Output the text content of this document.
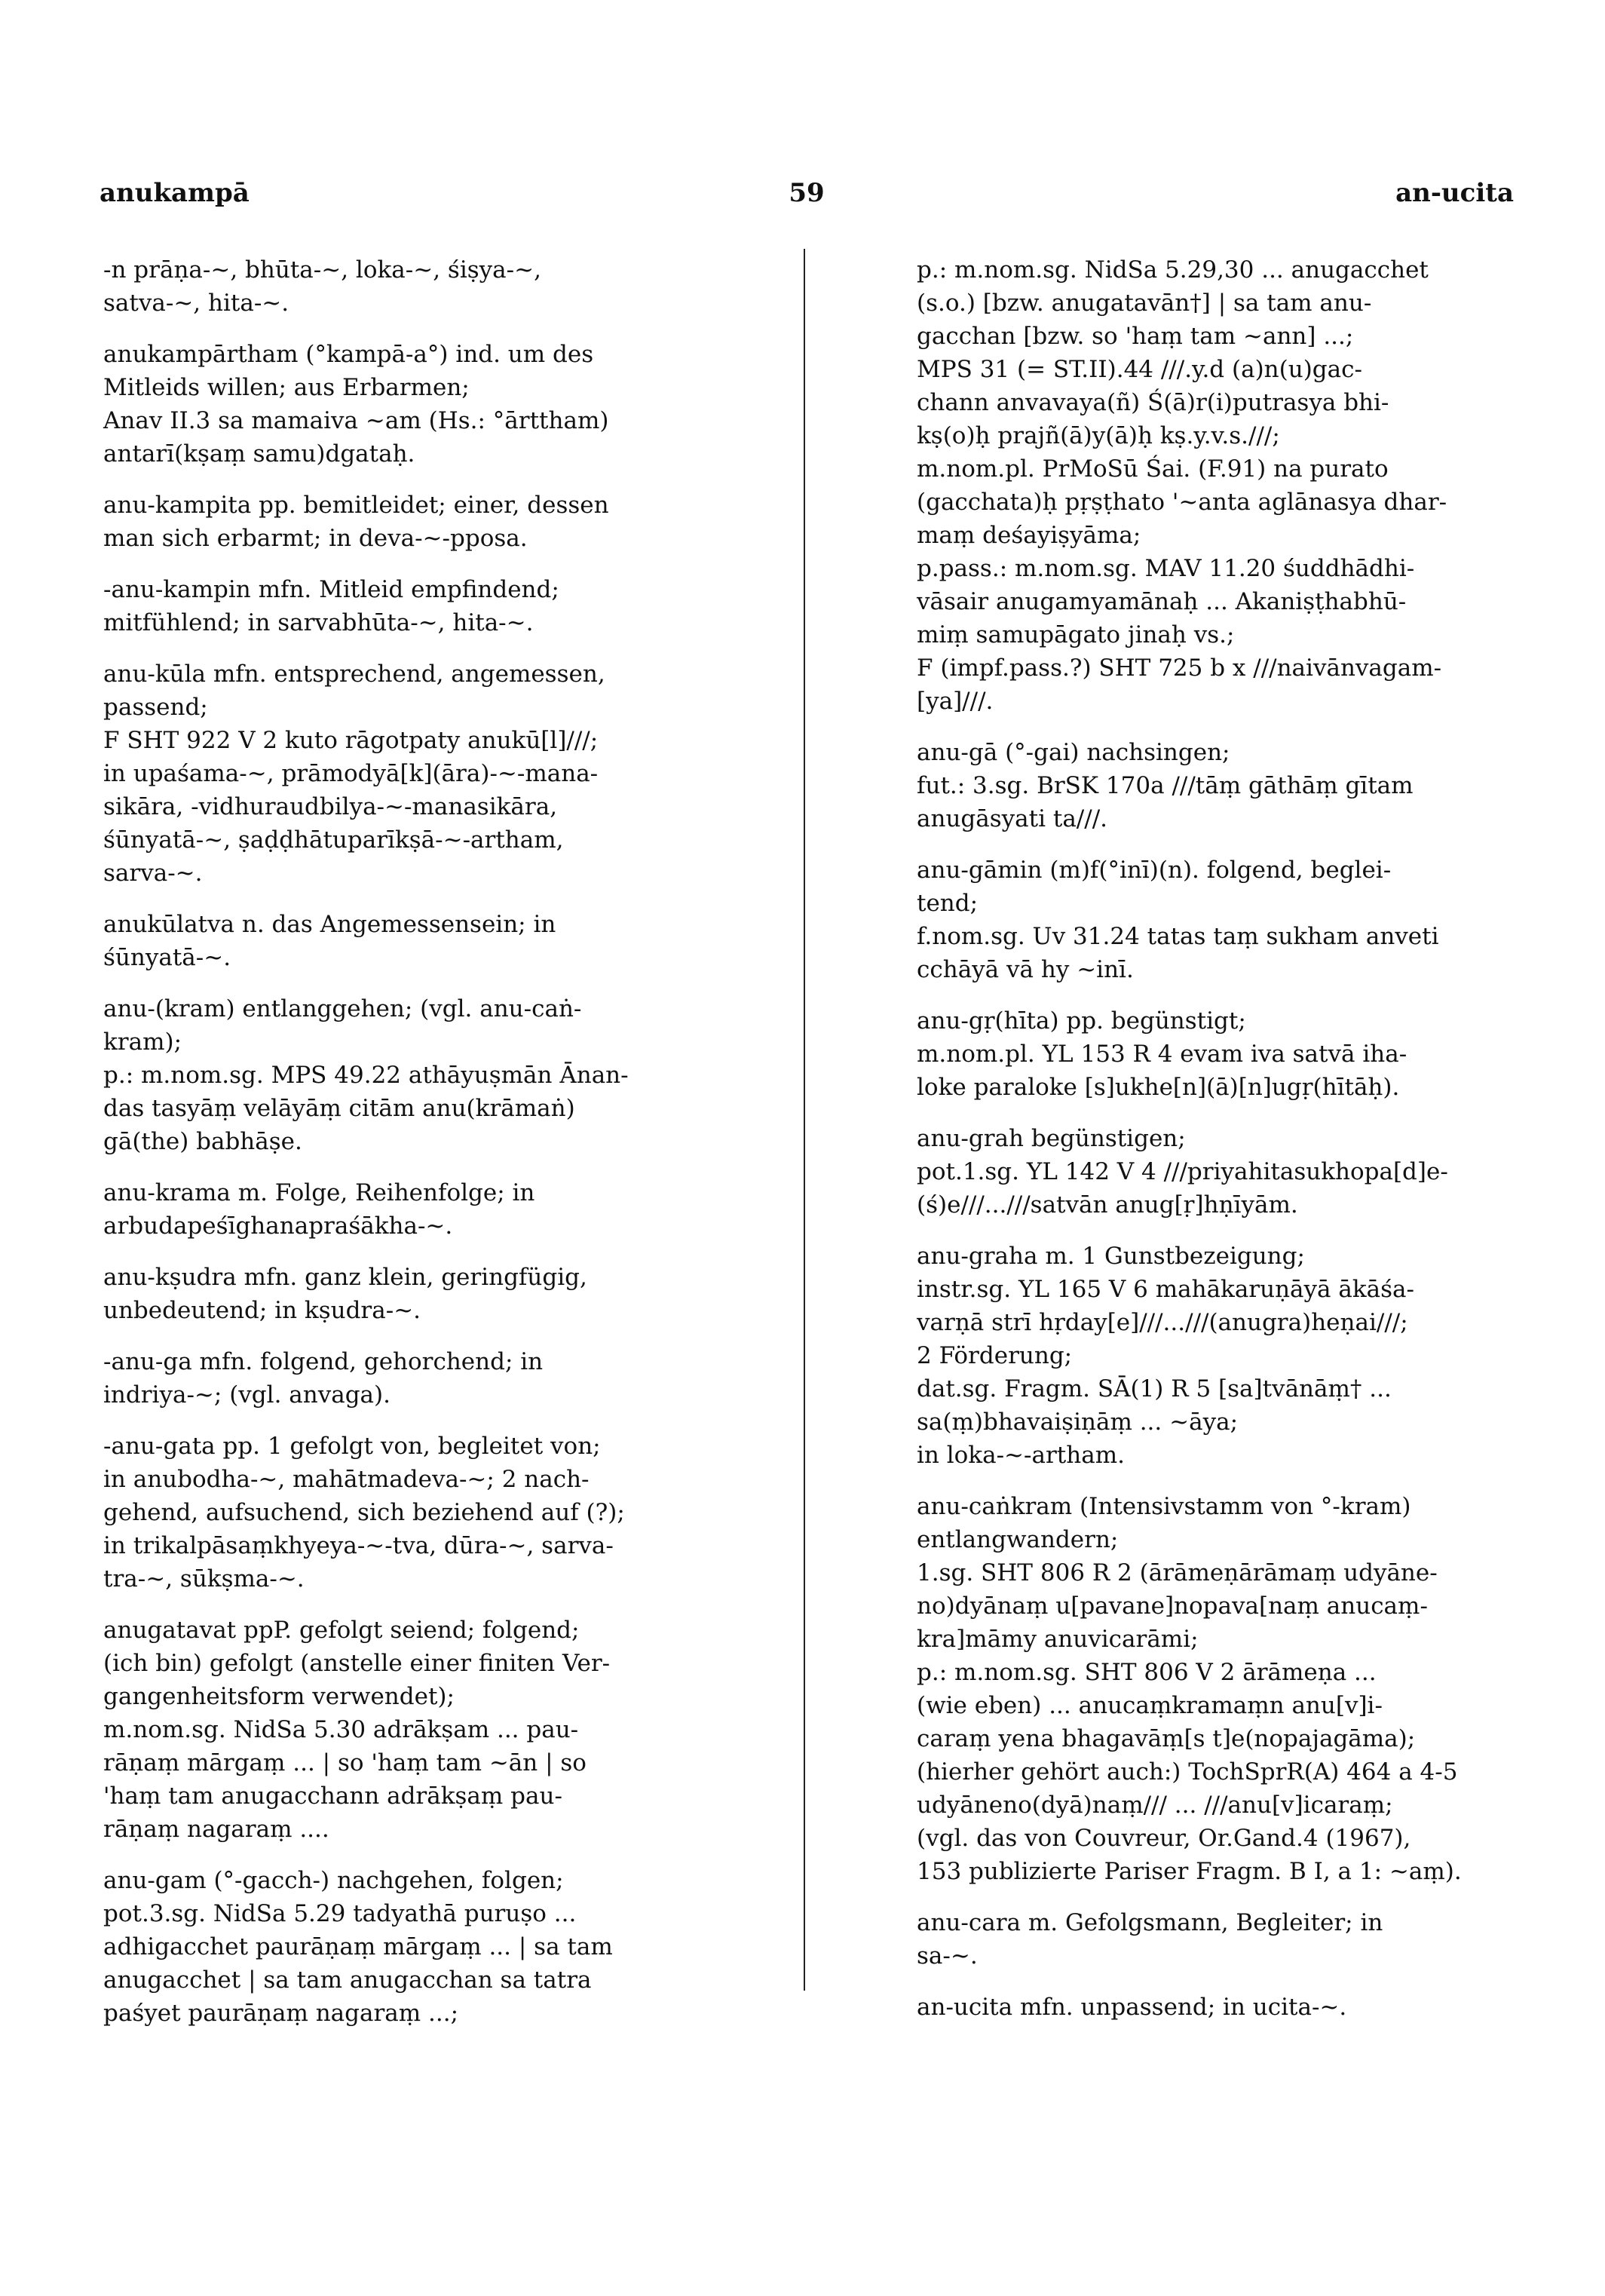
anukampā	59	an-ucita
-n prāṇa-~, bhūta-~, loka-~, śiṣya-~,
satva-~, hita-~.
anukampārtham (°kampā-a°) ind. um des
Mitleids willen; aus Erbarmen;
Anav II.3 sa mamaiva ~am (Hs.: °ārttham)
antarī(kṣaṃ samu)dgataḥ.
anu-kampita pp. bemitleidet; einer, dessen
man sich erbarmt; in deva-~-pposa.
-anu-kampin mfn. Mitleid empfindend;
mitfühlend; in sarvabhūta-~, hita-~.
anu-kūla mfn. entsprechend, angemessen,
passend;
F SHT 922 V 2 kuto rāgotpaty anukū[l]///;
in upaśama-~, prāmodyā[k](āra)-~-mana-
sikāra, -vidhuraudbilya-~-manasikāra,
śūnyatā-~, ṣaḍḍhātuparīkṣā-~-artham,
sarva-~.
anukūlatva n. das Angemessensein; in
śūnyatā-~.
anu-(kram) entlanggehen; (vgl. anu-caṅ-
kram);
p.: m.nom.sg. MPS 49.22 athāyuṣmān Ānan-
das tasyāṃ velāyāṃ citām anu(krāmaṅ)
gā(the) babhāṣe.
anu-krama m. Folge, Reihenfolge; in
arbudapeśīghanapraśākha-~.
anu-kṣudra mfn. ganz klein, geringfügig,
unbedeutend; in kṣudra-~.
-anu-ga mfn. folgend, gehorchend; in
indriya-~; (vgl. anvaga).
-anu-gata pp. 1 gefolgt von, begleitet von;
in anubodha-~, mahātmadeva-~; 2 nach-
gehend, aufsuchend, sich beziehend auf (?);
in trikalpāsaṃkhyeya-~-tva, dūra-~, sarva-
tra-~, sūkṣma-~.
anugatavat ppP. gefolgt seiend; folgend;
(ich bin) gefolgt (anstelle einer finiten Ver-
gangenheitsform verwendet);
m.nom.sg. NidSa 5.30 adrākṣam ... pau-
rāṇaṃ mārgaṃ ... | so 'haṃ tam ~ān | so
'haṃ tam anugacchann adrākṣaṃ pau-
rāṇaṃ nagaraṃ ....
anu-gam (°-gacch-) nachgehen, folgen;
pot.3.sg. NidSa 5.29 tadyathā puruṣo ...
adhigacchet paurāṇaṃ mārgaṃ ... | sa tam
anugacchet | sa tam anugacchan sa tatra
paśyet paurāṇaṃ nagaraṃ ...;
p.: m.nom.sg. NidSa 5.29,30 ... anugacchet
(s.o.) [bzw. anugatavān†] | sa tam anu-
gacchan [bzw. so 'haṃ tam ~ann] ...;
MPS 31 (= ST.II).44 ///.y.d (a)n(u)gac-
chann anvavaya(ñ) Ś(ā)r(i)putrasya bhi-
kṣ(o)ḥ prajñ(ā)y(ā)ḥ kṣ.y.v.s.///;
m.nom.pl. PrMoSū Śai. (F.91) na purato
(gacchata)ḥ pṛṣṭhato '~anta aglānasya dhar-
maṃ deśayiṣyāma;
p.pass.: m.nom.sg. MAV 11.20 śuddhādhi-
vāsair anugamyamānaḥ ... Akaniṣṭhabhū-
miṃ samupāgato jinaḥ vs.;
F (impf.pass.?) SHT 725 b x ///naivānvagam-
[ya]///.
anu-gā (°-gai) nachsingen;
fut.: 3.sg. BrSK 170a ///tāṃ gāthāṃ gītam
anugāsyati ta///.
anu-gāmin (m)f(°inī)(n). folgend, beglei-
tend;
f.nom.sg. Uv 31.24 tatas taṃ sukham anveti
cchāyā vā hy ~inī.
anu-gṛ(hīta) pp. begünstigt;
m.nom.pl. YL 153 R 4 evam iva satvā iha-
loke paraloke [s]ukhe[n](ā)[n]ugṛ(hītāḥ).
anu-grah begünstigen;
pot.1.sg. YL 142 V 4 ///priyahitasukhopa[d]e-
(ś)e///...///satvān anug[ṛ]hṇīyām.
anu-graha m. 1 Gunstbezeigung;
instr.sg. YL 165 V 6 mahākaruṇāyā ākāśa-
varṇā strī hṛday[e]///...///(anugra)heṇai///;
2 Förderung;
dat.sg. Fragm. SĀ(1) R 5 [sa]tvānāṃ† ...
sa(ṃ)bhavaiṣiṇāṃ ... ~āya;
in loka-~-artham.
anu-caṅkram (Intensivstamm von °-kram)
entlangwandern;
1.sg. SHT 806 R 2 (ārāmeṇārāmaṃ udyāne-
no)dyānaṃ u[pavane]nopava[naṃ anucaṃ-
kra]māmy anuvicarāmi;
p.: m.nom.sg. SHT 806 V 2 ārāmeṇa ...
(wie eben) ... anucaṃkramaṃn anu[v]i-
caraṃ yena bhagavāṃ[s t]e(nopajagāma);
(hierher gehört auch:) TochSprR(A) 464 a 4-5
udyāneno(dyā)naṃ/// ... ///anu[v]icaraṃ;
(vgl. das von Couvreur, Or.Gand.4 (1967),
153 publizierte Pariser Fragm. B I, a 1: ~aṃ).
anu-cara m. Gefolgsmann, Begleiter; in
sa-~.
an-ucita mfn. unpassend; in ucita-~.
